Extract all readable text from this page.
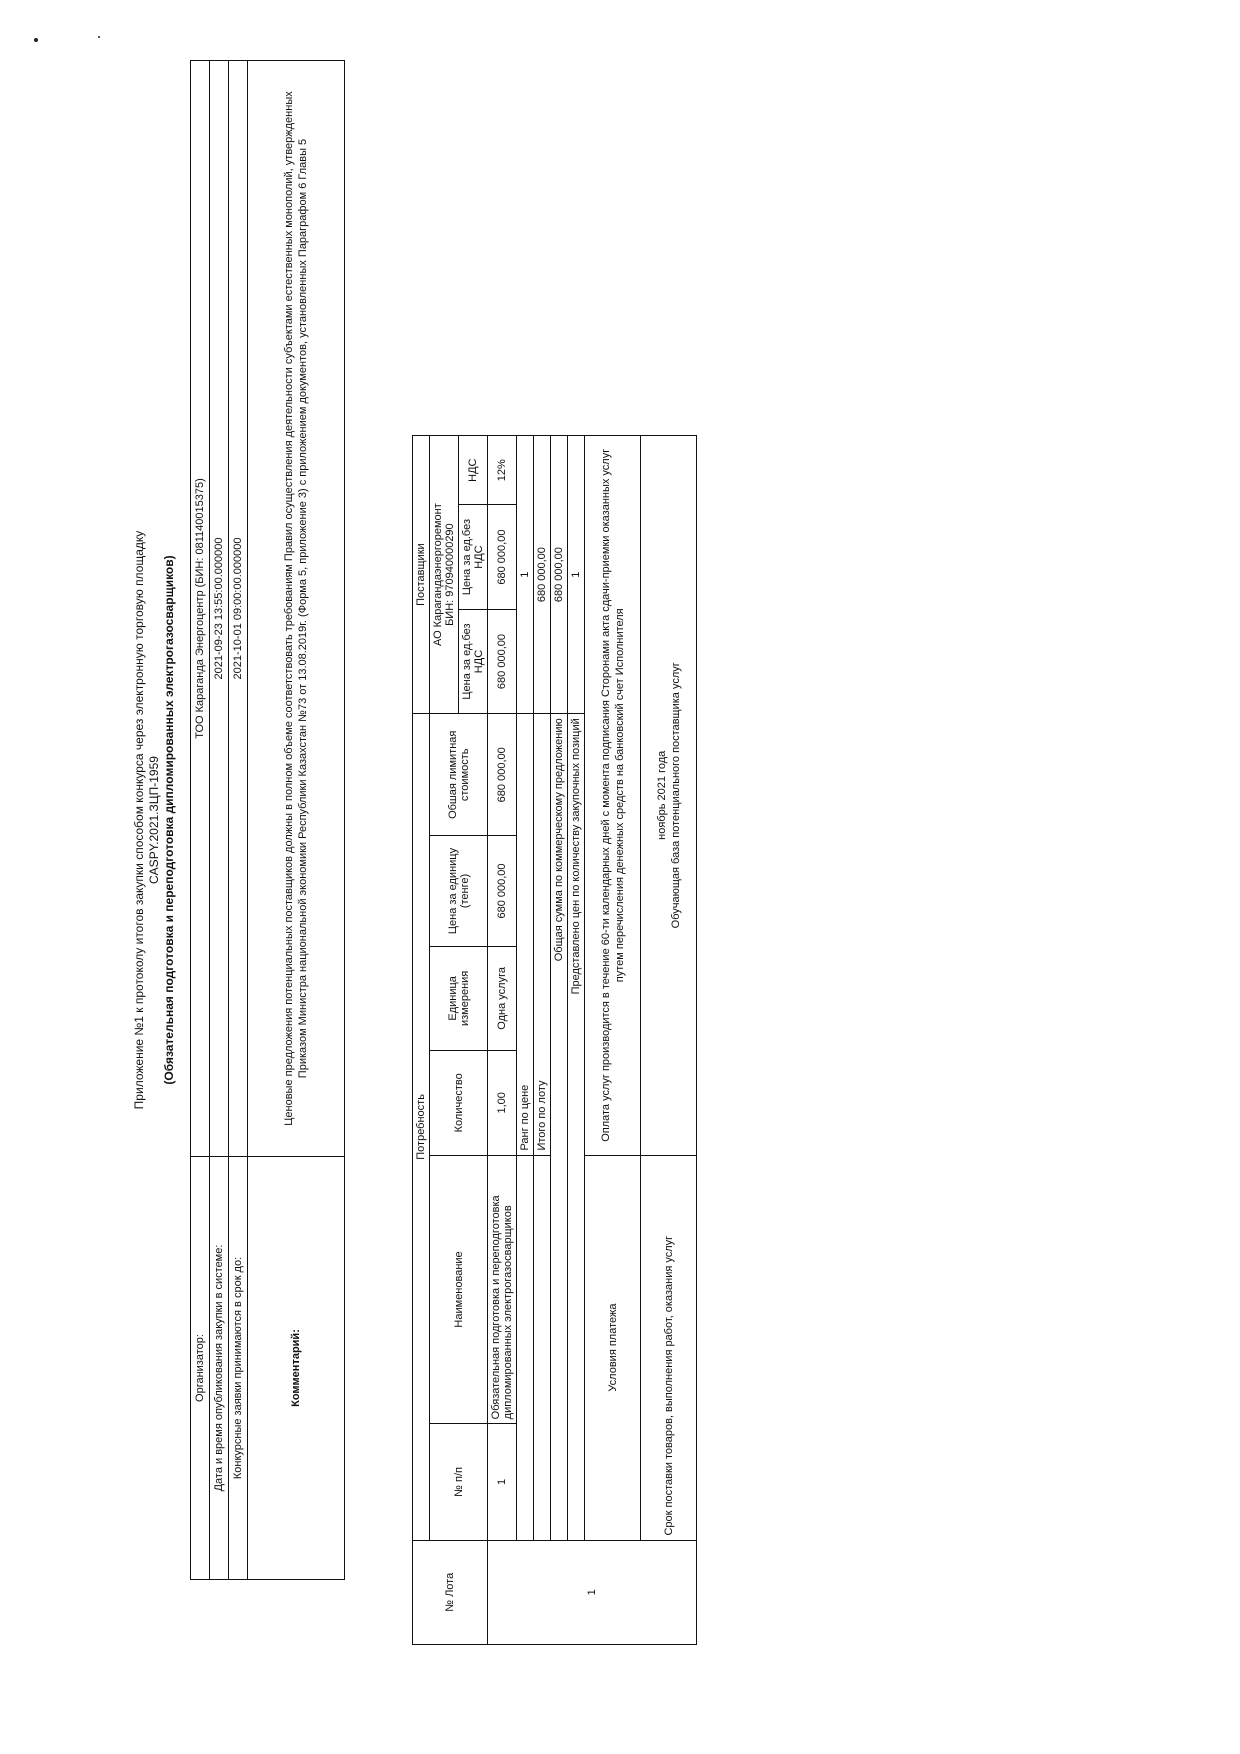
Приложение №1 к протоколу итогов закупки способом конкурса через электронную торговую площадку CASPY.2021.ЗЦП-1959 (Обязательная подготовка и переподготовка дипломированных электрогазосварщиков)
Организатор:	ТОО Караганда Энергоцентр (БИН: 081140015375)
Дата и время опубликования закупки в системе:	2021-09-23 13:55:00.000000
Конкурсные заявки принимаются в срок до:	2021-10-01 09:00:00.000000
Комментарий:	Ценовые предложения потенциальных поставщиков должны в полном объеме соответствовать требованиям Правил осуществления деятельности субъектами естественных монополий, утвержденных Приказом Министра национальной экономики Республики Казахстан №73 от 13.08.2019г. (Форма 5, приложение 3) с приложением документов, установленных Параграфом 6 Главы 5
№ Лота	Потребность						Поставщики		
	№ п/п	Наименование	Количество	Единица измерения	Цена за единицу (тенге)	Обшая лимитная стоимость	АО Карагандаэнергоремонт БИН: 970940000290		

							Цена за ед.без НДС	Цена за ед.без НДС	НДС
1	1	Обязательная подготовка и переподготовка дипломированных электрогазосварщиков	1,00	Одна услуга	680 000,00	680 000,00	680 000,00	680 000,00	12%
			Ранг по цене				1		
			Итого по лоту				680 000,00		
	Общая сумма по коммерческому предложению						680 000,00		
	Представлено цен по количеству закупочных позиций						1		
	Условия платежа		Оплата услуг производится в течение 60-ти календарных дней с момента подписания Сторонами акта сдачи-приемки оказанных услуг путем перечисления денежных средств на банковский счет Исполнителя						
	Срок поставки товаров, выполнения работ, оказания услуг		ноябрь 2021 года Обучающая база потенциального поставщика услуг						
